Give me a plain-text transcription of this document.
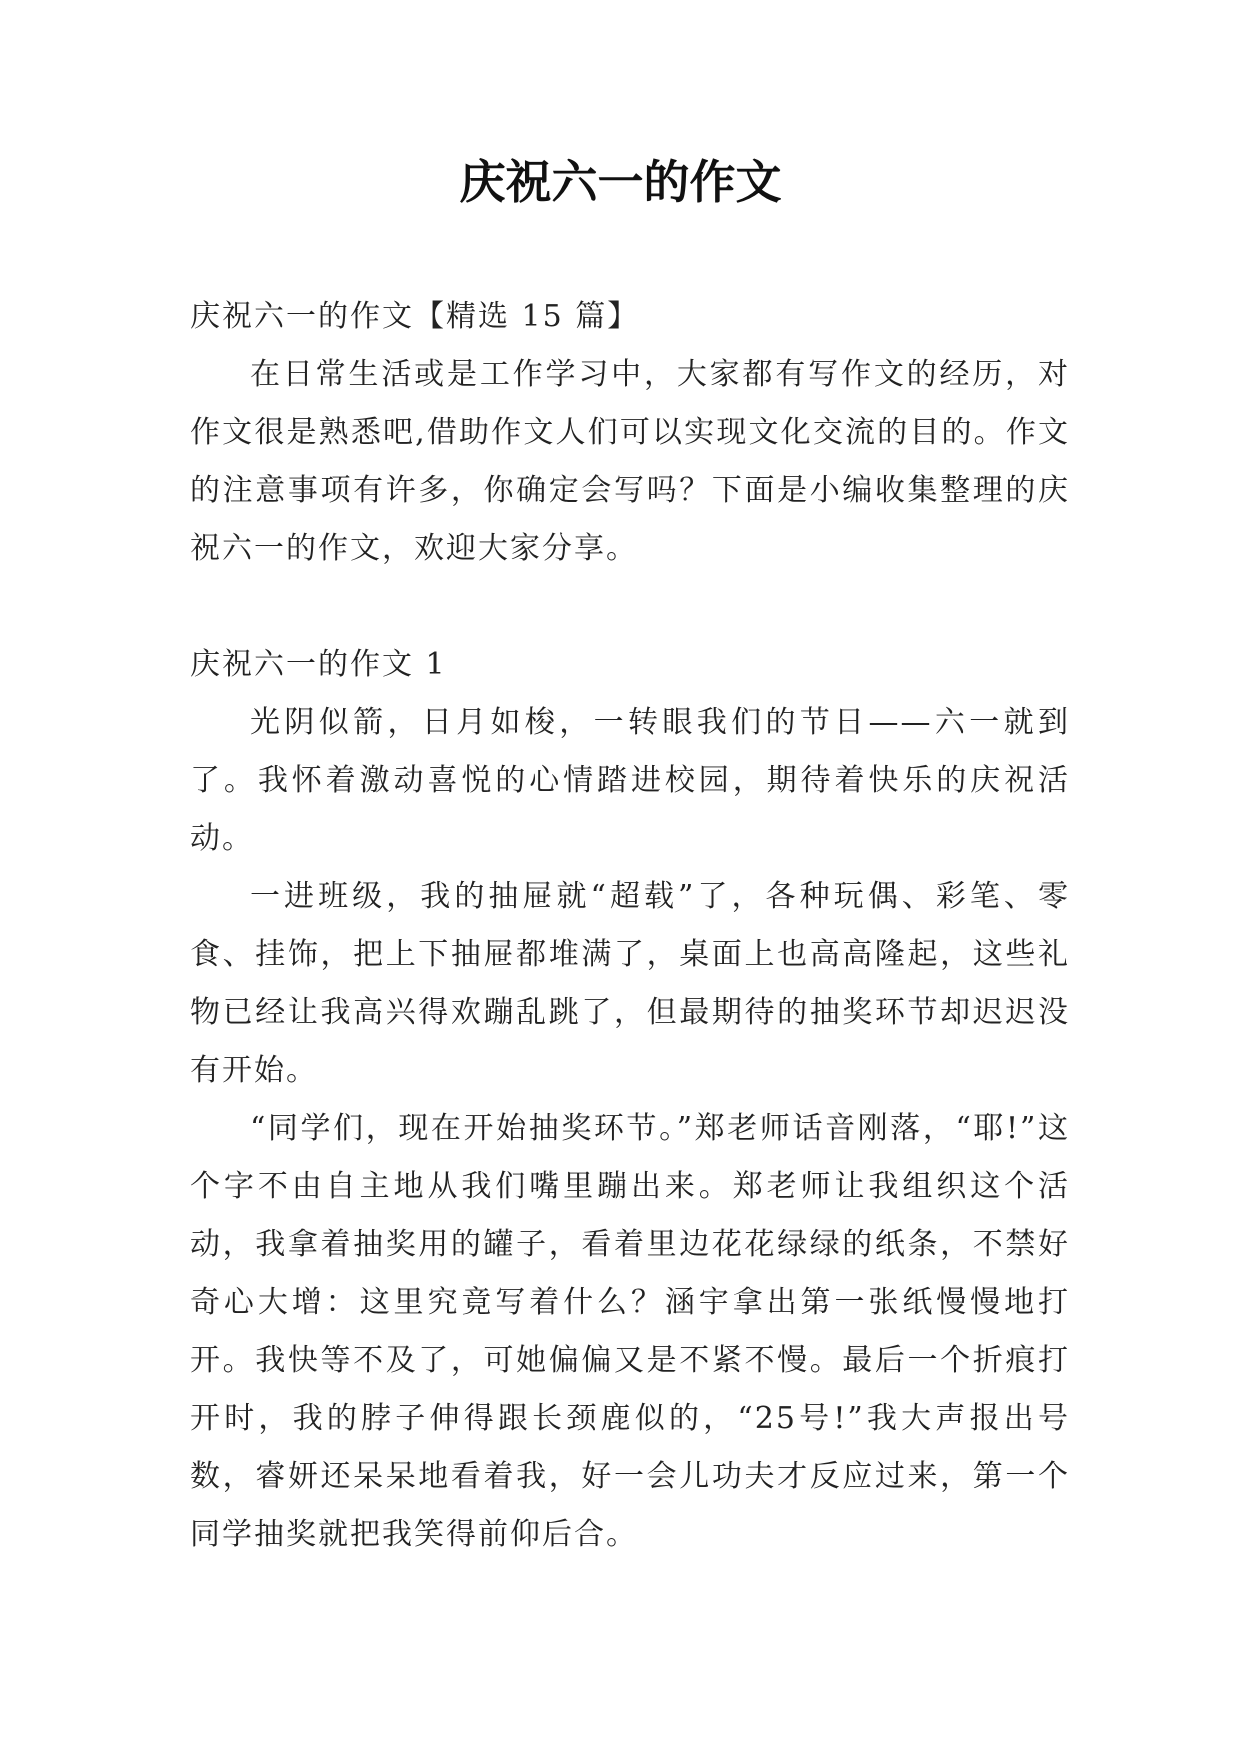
庆祝六一的作文

庆祝六一的作文【精选 15 篇】

在日常生活或是工作学习中，大家都有写作文的经历，对作文很是熟悉吧,借助作文人们可以实现文化交流的目的。作文的注意事项有许多，你确定会写吗？下面是小编收集整理的庆祝六一的作文，欢迎大家分享。

庆祝六一的作文 1

光阴似箭，日月如梭，一转眼我们的节日——六一就到了。我怀着激动喜悦的心情踏进校园，期待着快乐的庆祝活动。

一进班级，我的抽屉就“超载”了，各种玩偶、彩笔、零食、挂饰，把上下抽屉都堆满了，桌面上也高高隆起，这些礼物已经让我高兴得欢蹦乱跳了，但最期待的抽奖环节却迟迟没有开始。

“同学们，现在开始抽奖环节。”郑老师话音刚落，“耶!”这个字不由自主地从我们嘴里蹦出来。郑老师让我组织这个活动，我拿着抽奖用的罐子，看着里边花花绿绿的纸条，不禁好奇心大增：这里究竟写着什么？涵宇拿出第一张纸慢慢地打开。我快等不及了，可她偏偏又是不紧不慢。最后一个折痕打开时，我的脖子伸得跟长颈鹿似的，“25号!”我大声报出号数，睿妍还呆呆地看着我，好一会儿功夫才反应过来，第一个同学抽奖就把我笑得前仰后合。
